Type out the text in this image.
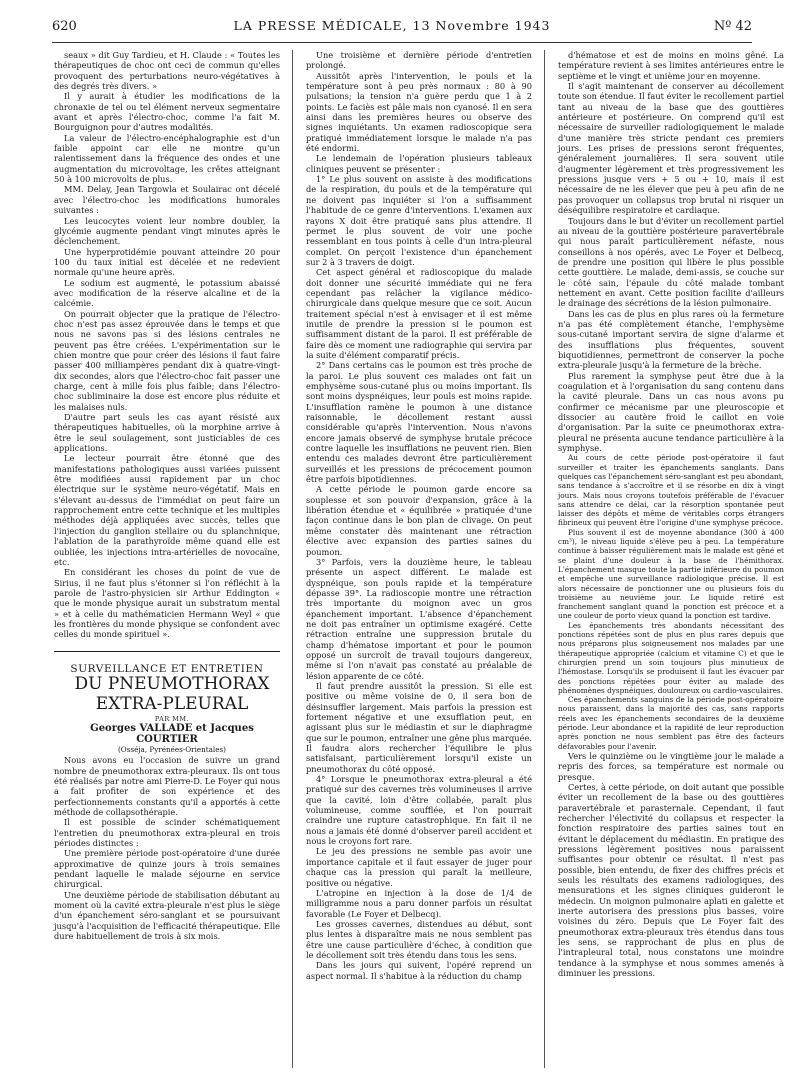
620	LA PRESSE MÉDICALE, 13 Novembre 1943	Nº 42

seaux » dit Guy Tardieu, et H. Claude : « Toutes les thérapeutiques de choc ont ceci de commun qu'elles provoquent des perturbations neuro-végétatives à des degrés très divers. »

Il y aurait à étudier les modifications de la chronaxie de tel ou tel élément nerveux segmentaire avant et après l'électro-choc, comme l'a fait M. Bourguignon pour d'autres modalités.

La valeur de l'électro-encéphalographie est d'un faible appoint car elle ne montre qu'un ralentissement dans la fréquence des ondes et une augmentation du microvoltage, les crêtes atteignant 50 à 100 microvolts de plus.

MM. Delay, Jean Targowla et Soulairac ont décelé avec l'électro-choc les modifications humorales suivantes :

Les leucocytes voient leur nombre doubler, la glycémie augmente pendant vingt minutes après le déclenchement.

Une hyperprotidémie pouvant atteindre 20 pour 100 du taux initial est décelée et ne redevient normale qu'une heure après.

Le sodium est augmenté, le potassium abaissé avec modification de la réserve alcaline et de la calcémie.

On pourrait objecter que la pratique de l'électro-choc n'est pas assez éprouvée dans le temps et que nous ne savons pas si des lésions centrales ne peuvent pas être créées. L'expérimentation sur le chien montre que pour créer des lésions il faut faire passer 400 milliampères pendant dix à quatre-vingt-dix secondes, alors que l'électro-choc fait passer une charge, cent à mille fois plus faible; dans l'électro-choc subliminaire la dose est encore plus réduite et les malaises nuls.

D'autre part seuls les cas ayant résisté aux thérapeutiques habituelles, où la morphine arrive à être le seul soulagement, sont justiciables de ces applications.

Le lecteur pourrait être étonné que des manifestations pathologiques aussi variées puissent être modifiées aussi rapidement par un choc électrique sur le système neuro-végétatif. Mais en s'élevant au-dessus de l'immédiat on peut faire un rapprochement entre cette technique et les multiples méthodes déjà appliquées avec succès, telles que l'injection du ganglion stellaire ou du splanchnique, l'ablation de la parathyroïde même quand elle est oubliée, les injections intra-artérielles de novocaïne, etc.

En considérant les choses du point de vue de Sirius, il ne faut plus s'étonner si l'on réfléchit à la parole de l'astro-physicien sir Arthur Eddington « que le monde physique aurait un substratum mental » et à celle du mathématicien Hermann Weyl « que les frontières du monde physique se confondent avec celles du monde spirituel ».

SURVEILLANCE ET ENTRETIEN

DU PNEUMOTHORAX

EXTRA-PLEURAL

PAR MM.

Georges VALLADE et Jacques COURTIER

(Osséja, Pyrénées-Orientales)

Nous avons eu l'occasion de suivre un grand nombre de pneumothorax extra-pleuraux. Ils ont tous été réalisés par notre ami Pierre-D. Le Foyer qui nous a fait profiter de son expérience et des perfectionnements constants qu'il a apportés à cette méthode de collapsothérapie.

Il est possible de scinder schématiquement l'entretien du pneumothorax extra-pleural en trois périodes distinctes :

Une première période post-opératoire d'une durée approximative de quinze jours à trois semaines pendant laquelle le malade séjourne en service chirurgical.

Une deuxième période de stabilisation débutant au moment où la cavité extra-pleurale n'est plus le siège d'un épanchement séro-sanglant et se poursuivant jusqu'à l'acquisition de l'efficacité thérapeutique. Elle dure habituellement de trois à six mois.

Une troisième et dernière période d'entretien prolongé.

Aussitôt après l'intervention, le pouls et la température sont à peu près normaux : 80 à 90 pulsations; la tension n'a guère perdu que 1 à 2 points. Le faciès est pâle mais non cyanosé. Il en sera ainsi dans les premières heures ou observe des signes inquiétants. Un examen radioscopique sera pratiqué immédiatement lorsque le malade n'a pas été endormi.

Le lendemain de l'opération plusieurs tableaux cliniques peuvent se présenter :

1° Le plus souvent on assiste à des modifications de la respiration, du pouls et de la température qui ne doivent pas inquiéter si l'on a suffisamment l'habitude de ce genre d'interventions. L'examen aux rayons X doit être pratiqué sans plus attendre. Il permet le plus souvent de voir une poche ressemblant en tous points à celle d'un intra-pleural complet. On perçoit l'existence d'un épanchement sur 2 à 3 travers de doigt.

Cet aspect général et radioscopique du malade doit donner une sécurité immédiate qui ne fera cependant pas relâcher la vigilance médico-chirurgicale dans quelque mesure que ce soit. Aucun traitement spécial n'est à envisager et il est même inutile de prendre la pression si le poumon est suffisamment distant de la paroi. Il est préférable de faire dès ce moment une radiographie qui servira par la suite d'élément comparatif précis.

2° Dans certains cas le poumon est très proche de la paroi. Le plus souvent ces malades ont fait un emphysème sous-cutané plus ou moins important. Ils sont moins dyspnéiques, leur pouls est moins rapide. L'insufflation ramène le poumon à une distance raisonnable, le décollement restant aussi considérable qu'après l'intervention. Nous n'avons encore jamais observé de symphyse brutale précoce contre laquelle les insufflations ne peuvent rien. Bien entendu ces malades devront être particulièrement surveillés et les pressions de précocement poumon être parfois bipotidiennes.

A cette période le poumon garde encore sa souplesse et son pouvoir d'expansion, grâce à la libération étendue et « équilibrée » pratiquée d'une façon continue dans le bon plan de clivage. On peut même constater dès maintenant une rétraction élective avec expansion des parties saines du poumon.

3° Parfois, vers la douzième heure, le tableau présente un aspect différent. Le malade est dyspnéique, son pouls rapide et la température dépasse 39°. La radioscopie montre une rétraction très importante du moignon avec un gros épanchement important. L'absence d'épanchement ne doit pas entraîner un optimisme exagéré. Cette rétraction entraîne une suppression brutale du champ d'hématose important et pour le poumon opposé un surcroît de travail toujours dangereux, même si l'on n'avait pas constaté au préalable de lésion apparente de ce côté.

Il faut prendre aussitôt la pression. Si elle est positive ou même voisine de 0, il sera bon de désinsuffler largement. Mais parfois la pression est fortement négative et une exsufflation peut, en agissant plus sur le médiastin et sur le diaphragme que sur le poumon, entraîner une gêne plus marquée. Il faudra alors rechercher l'équilibre le plus satisfaisant, particulièrement lorsqu'il existe un pneumothorax du côté opposé.

4° Lorsque le pneumothorax extra-pleural a été pratiqué sur des cavernes très volumineuses il arrive que la cavité, loin d'être collabée, paraît plus volumineuse, comme soufflée, et l'on pourrait craindre une rupture catastrophique. En fait il ne nous a jamais été donné d'observer pareil accident et nous le croyons fort rare.

Le jeu des pressions ne semble pas avoir une importance capitale et il faut essayer de juger pour chaque cas la pression qui paraît la meilleure, positive ou négative.

L'atropine en injection à la dose de 1/4 de milligramme nous a paru donner parfois un résultat favorable (Le Foyer et Delbecq).

Les grosses cavernes, distendues au début, sont plus lentes à disparaître mais ne nous semblent pas être une cause particulière d'échec, à condition que le décollement soit très étendu dans tous les sens.

Dans les jours qui suivent, l'opéré reprend un aspect normal. Il s'habitue à la réduction du champ

d'hématose et est de moins en moins gêné. La température revient à ses limites antérieures entre le septième et le vingt et unième jour en moyenne.

Il s'agit maintenant de conserver au décollement toute son étendue. Il faut éviter le recollement partiel tant au niveau de la base que des gouttières antérieure et postérieure. On comprend qu'il est nécessaire de surveiller radiologiquement le malade d'une manière très stricte pendant ces premiers jours. Les prises de pressions seront fréquentes, généralement journalières. Il sera souvent utile d'augmenter légèrement et très progressivement les pressions jusque vers + 5 ou + 10, mais il est nécessaire de ne les élever que peu à peu afin de ne pas provoquer un collapsus trop brutal ni risquer un déséquilibre respiratoire et cardiaque.

Toujours dans le but d'éviter un recollement partiel au niveau de la gouttière postérieure paravertébrale qui nous paraît particulièrement néfaste, nous conseillons à nos opérés, avec Le Foyer et Delbecq, de prendre une position qui libère le plus possible cette gouttière. Le malade, demi-assis, se couche sur le côté sain, l'épaule du côté malade tombant nettement en avant. Cette position facilite d'ailleurs le drainage des sécrétions de la lésion pulmonaire.

Dans les cas de plus en plus rares où la fermeture n'a pas été complètement étanche, l'emphysème sous-cutané important servira de signe d'alarme et des insufflations plus fréquentes, souvent biquotidiennes, permettront de conserver la poche extra-pleurale jusqu'à la fermeture de la brèche.

Plus rarement la symphyse peut être due à la coagulation et à l'organisation du sang contenu dans la cavité pleurale. Dans un cas nous avons pu confirmer ce mécanisme par une pleuroscopie et dissocier au cautère froid le caillot en voie d'organisation. Par la suite ce pneumothorax extra-pleural ne présenta aucune tendance particulière à la symphyse.

Au cours de cette période post-opératoire il faut surveiller et traiter les épanchements sanglants. Dans quelques cas l'épanchement séro-sanglant est peu abondant, sans tendance à s'accroître et il se résorbe en dix à vingt jours. Mais nous croyons toutefois préférable de l'évacuer sans attendre ce délai, car la résorption spontanée peut laisser des dépôts et même de véritables corps étrangers fibrineux qui peuvent être l'origine d'une symphyse précoce.

Plus souvent il est de moyenne abondance (300 à 400 cm³), le niveau liquide s'élève peu à peu. La température continue à baisser régulièrement mais le malade est gêné et se plaint d'une douleur à la base de l'hémithorax. L'épanchement masque toute la partie inférieure du poumon et empêche une surveillance radiologique précise. Il est alors nécessaire de ponctionner une ou plusieurs fois du troisième au neuvième jour. Le liquide retiré est franchement sanglant quand la ponction est précoce et a une couleur de porto vieux quand la ponction est tardive.

Les épanchements très abondants nécessitant des ponctions répétées sont de plus en plus rares depuis que nous préparons plus soigneusement nos malades par une thérapeutique appropriée (calcium et vitamine C) et que le chirurgien prend un soin toujours plus minutieux de l'hémostase. Lorsqu'ils se produisent il faut les évacuer par des ponctions répétées pour éviter au malade des phénomènes dyspnéiques, douloureux ou cardio-vasculaires.

Ces épanchements sanguins de la période post-opératoire nous paraissent, dans la majorité des cas, sans rapports réels avec les épanchements secondaires de la deuxième période. Leur abondance et la rapidité de leur reproduction après ponction ne nous semblent pas être des facteurs défavorables pour l'avenir.

Vers le quinzième ou le vingtième jour le malade a repris des forces, sa température est normale ou presque.

Certes, à cette période, on doit autant que possible éviter un recollement de la base ou des gouttières paravertébrale et parasternale. Cependant, il faut rechercher l'électivité du collapsus et respecter la fonction respiratoire des parties saines tout en évitant le déplacement du médiastin. En pratique des pressions légèrement positives nous paraissent suffisantes pour obtenir ce résultat. Il n'est pas possible, bien entendu, de fixer des chiffres précis et seuls les résultats des examens radiologiques, des mensurations et les signes cliniques guideront le médecin. Un moignon pulmonaire aplati en galette et inerte autorisera des pressions plus basses, voire voisines du zéro. Depuis que Le Foyer fait des pneumothorax extra-pleuraux très étendus dans tous les sens, se rapprochant de plus en plus de l'intrapleural total, nous constatons une moindre tendance à la symphyse et nous sommes amenés à diminuer les pressions.
